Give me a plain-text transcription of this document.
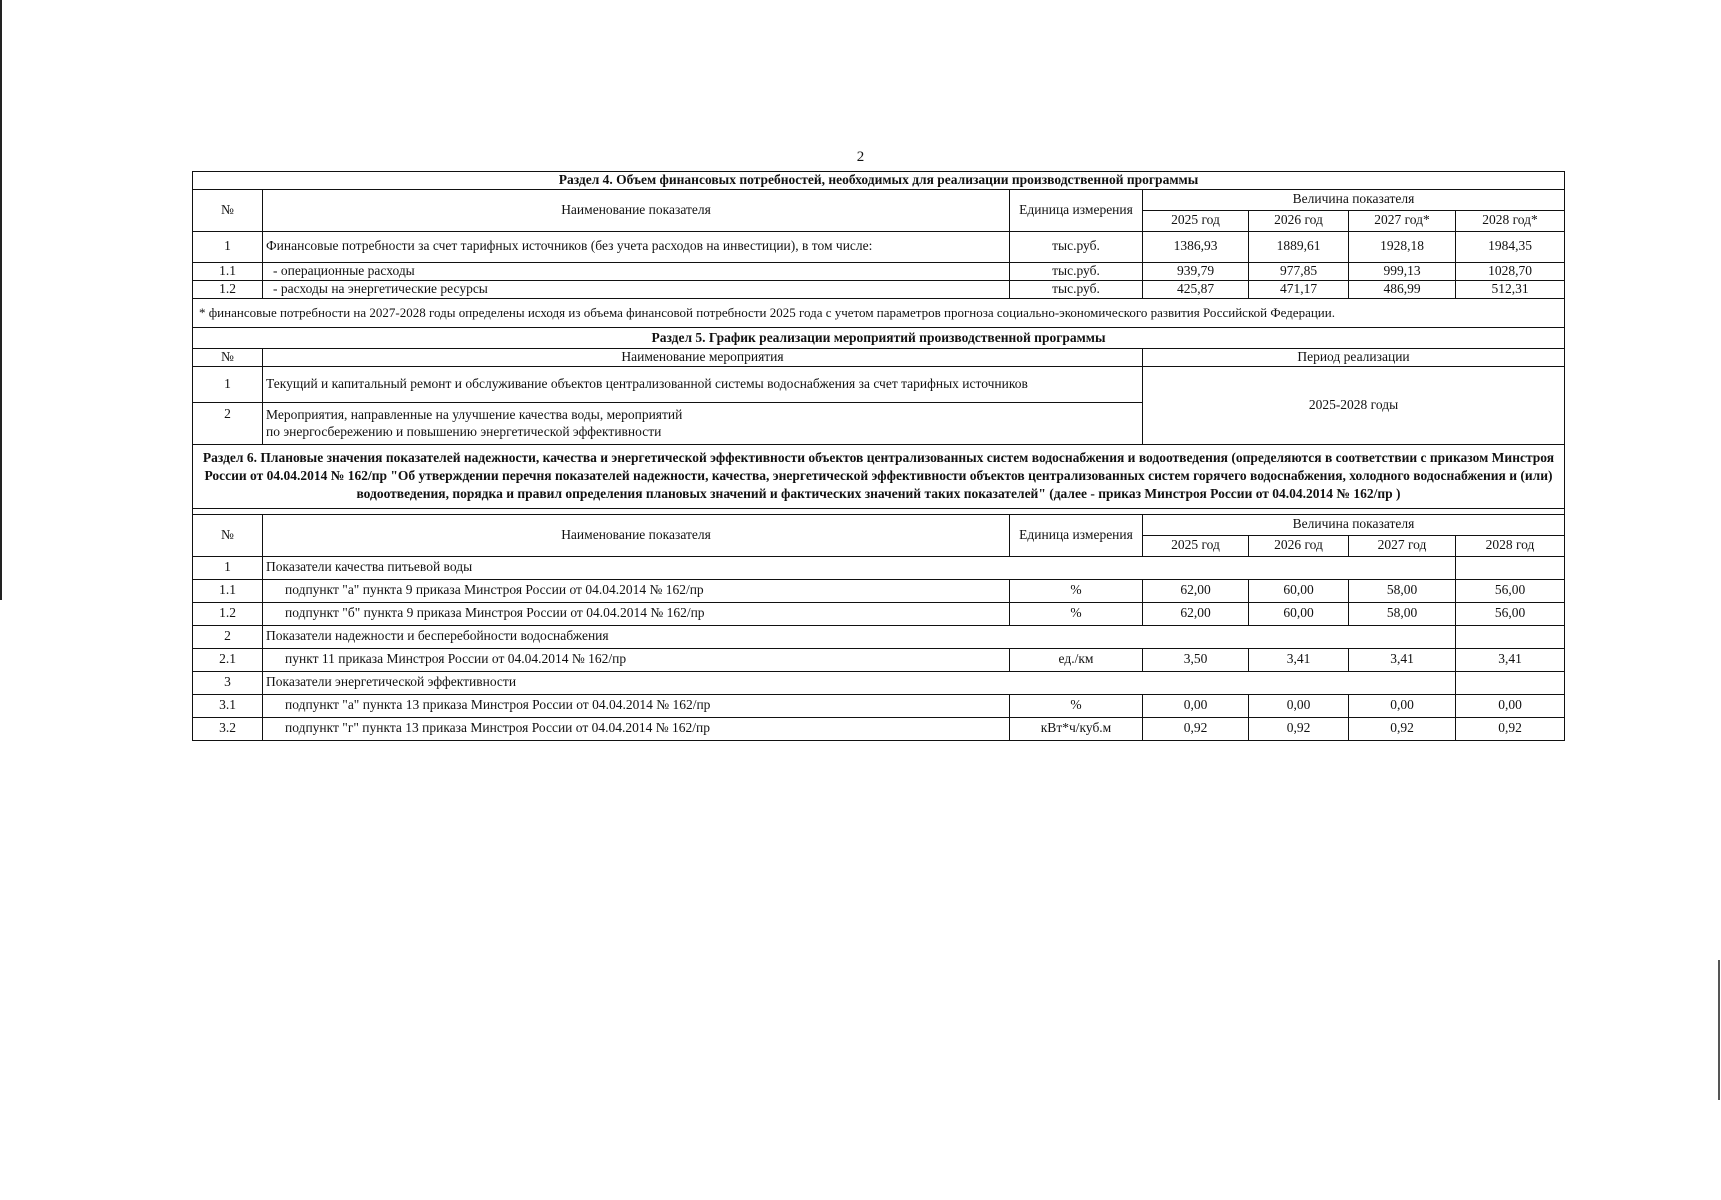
2
Раздел 4. Объем финансовых потребностей, необходимых для реализации производственной программы						
№	Наименование показателя	Единица измерения	Величина показателя			
			2025 год	2026 год	2027 год*	2028 год*
1	Финансовые потребности за счет тарифных источников (без учета расходов на инвестиции), в том числе:	тыс.руб.	1386,93	1889,61	1928,18	1984,35
1.1	- операционные расходы	тыс.руб.	939,79	977,85	999,13	1028,70
1.2	- расходы на энергетические ресурсы	тыс.руб.	425,87	471,17	486,99	512,31
* финансовые потребности на 2027-2028 годы определены исходя из объема финансовой потребности 2025 года с учетом параметров прогноза социально-экономического развития Российской Федерации.						
Раздел 5. График реализации мероприятий производственной программы						
№	Наименование мероприятия		Период реализации			
1	Текущий и капитальный ремонт и обслуживание объектов централизованной системы водоснабжения за счет тарифных источников		2025-2028 годы			
2	Мероприятия, направленные на улучшение качества воды, мероприятий
по энергосбережению и повышению энергетической эффективности					

Раздел 6. Плановые значения показателей надежности, качества и энергетической эффективности объектов централизованных систем водоснабжения и водоотведения (определяются в соответствии с приказом Минстроя России от 04.04.2014 № 162/пр "Об утверждении перечня показателей надежности, качества, энергетической эффективности объектов централизованных систем горячего водоснабжения, холодного водоснабжения и (или) водоотведения, порядка и правил определения плановых значений и фактических значений таких показателей" (далее - приказ Минстроя России от 04.04.2014 № 162/пр )						

№	Наименование показателя	Единица измерения	Величина показателя			
			2025 год	2026 год	2027 год	2028 год
1	Показатели качества питьевой воды					
1.1	подпункт "а" пункта 9 приказа Минстроя России от 04.04.2014 № 162/пр	%	62,00	60,00	58,00	56,00
1.2	подпункт "б" пункта 9 приказа Минстроя России от 04.04.2014 № 162/пр	%	62,00	60,00	58,00	56,00
2	Показатели надежности и бесперебойности водоснабжения					
2.1	пункт 11 приказа Минстроя России от 04.04.2014 № 162/пр	ед./км	3,50	3,41	3,41	3,41
3	Показатели энергетической эффективности					
3.1	подпункт "а" пункта 13 приказа Минстроя России от 04.04.2014 № 162/пр	%	0,00	0,00	0,00	0,00
3.2	подпункт "г" пункта 13 приказа Минстроя России от 04.04.2014 № 162/пр	кВт*ч/куб.м	0,92	0,92	0,92	0,92
